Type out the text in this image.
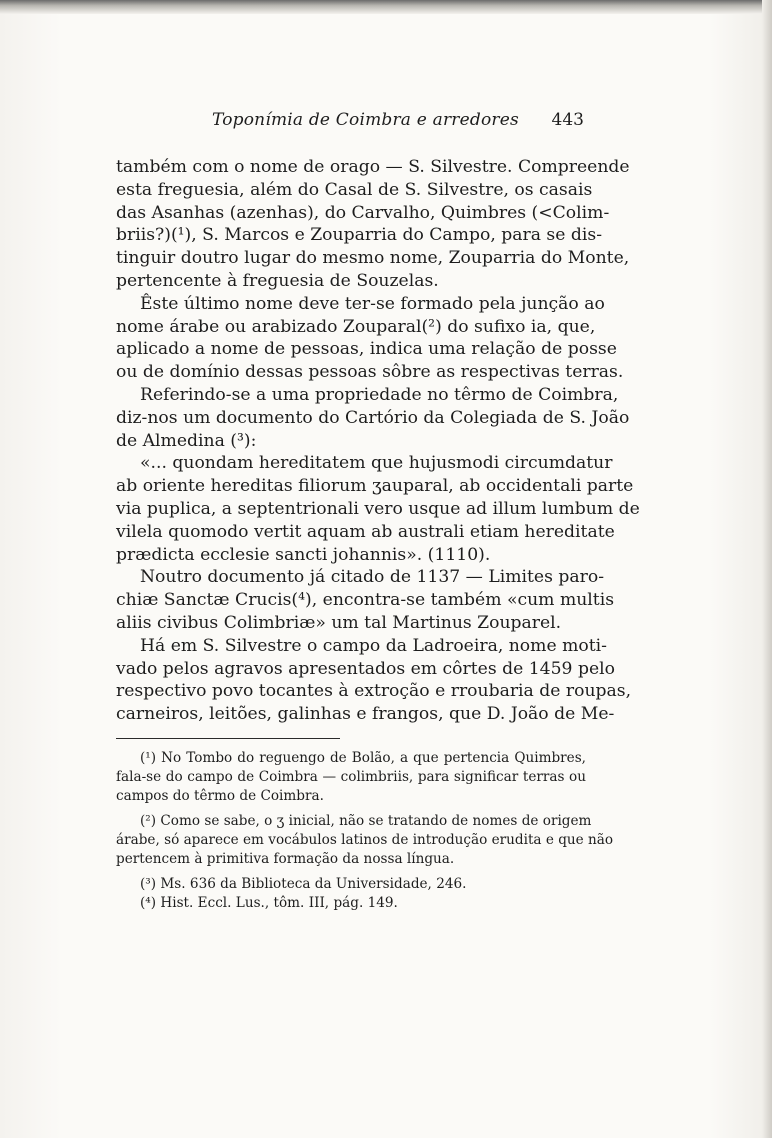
Toponímia de Coimbra e arredores 443
também com o nome de orago — S. Silvestre. Compreende
esta freguesia, além do Casal de S. Silvestre, os casais
das Asanhas (azenhas), do Carvalho, Quimbres (<Colim-
briis?)(¹), S. Marcos e Zouparria do Campo, para se dis-
tinguir doutro lugar do mesmo nome, Zouparria do Monte,
pertencente à freguesia de Souzelas.
Êste último nome deve ter-se formado pela junção ao
nome árabe ou arabizado Zouparal(²) do sufixo ia, que,
aplicado a nome de pessoas, indica uma relação de posse
ou de domínio dessas pessoas sôbre as respectivas terras.
Referindo-se a uma propriedade no têrmo de Coimbra,
diz-nos um documento do Cartório da Colegiada de S. João
de Almedina (³):
«... quondam hereditatem que hujusmodi circumdatur
ab oriente hereditas filiorum ʒauparal, ab occidentali parte
via puplica, a septentrionali vero usque ad illum lumbum de
vilela quomodo vertit aquam ab australi etiam hereditate
prædicta ecclesie sancti johannis». (1110).
Noutro documento já citado de 1137 — Limites paro-
chiæ Sanctæ Crucis(⁴), encontra-se também «cum multis
aliis civibus Colimbriæ» um tal Martinus Zouparel.
Há em S. Silvestre o campo da Ladroeira, nome moti-
vado pelos agravos apresentados em côrtes de 1459 pelo
respectivo povo tocantes à extroção e rroubaria de roupas,
carneiros, leitões, galinhas e frangos, que D. João de Me-
(¹) No Tombo do reguengo de Bolão, a que pertencia Quimbres,
fala-se do campo de Coimbra — colimbriis, para significar terras ou
campos do têrmo de Coimbra.
(²) Como se sabe, o ʒ inicial, não se tratando de nomes de origem
árabe, só aparece em vocábulos latinos de introdução erudita e que não
pertencem à primitiva formação da nossa língua.
(³) Ms. 636 da Biblioteca da Universidade, 246.
(⁴) Hist. Eccl. Lus., tôm. III, pág. 149.
